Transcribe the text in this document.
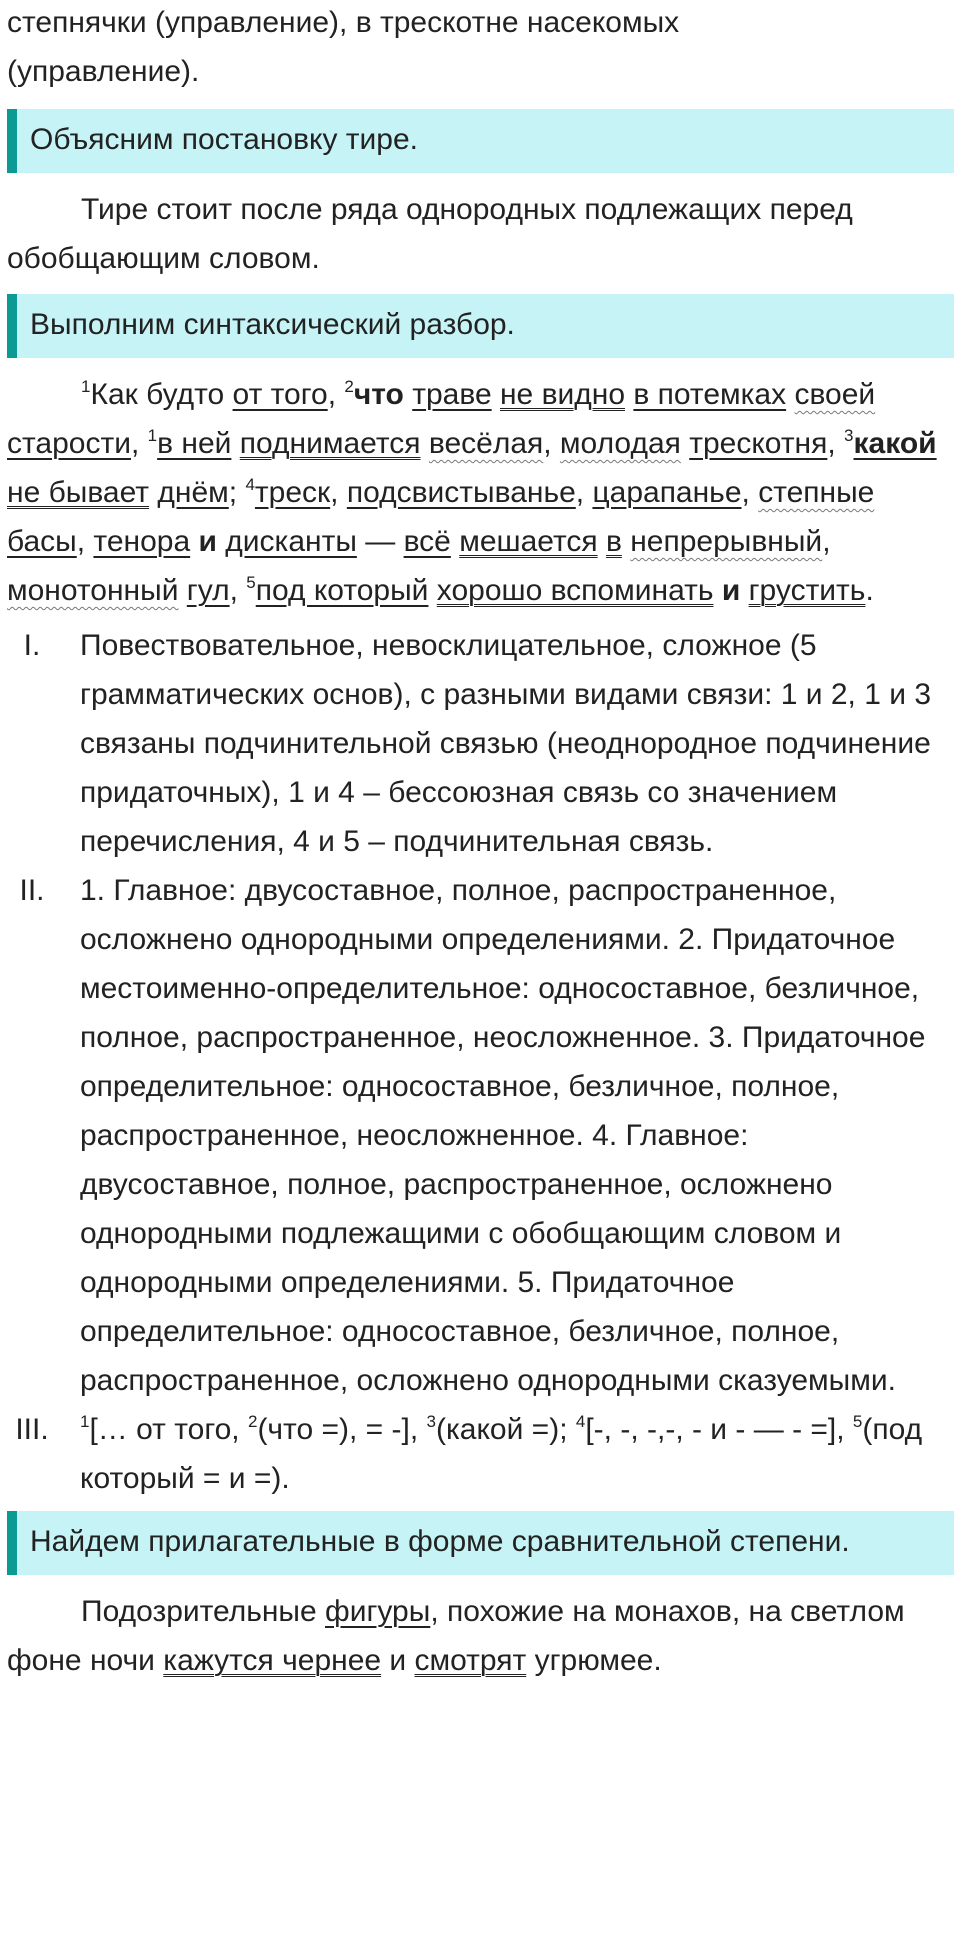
степнячки (управление), в трескотне насекомых
(управление).

Объясним постановку тире.

Тире стоит после ряда однородных подлежащих перед обобщающим словом.

Выполним синтаксический разбор.

$^1$Как будто от того, $^2$что траве не видно в потемках своей старости, $^1$в ней поднимается весёлая, молодая трескотня, $^3$какой не бывает днём; $^4$треск, подсвистыванье, царапанье, степные басы, тенора и дисканты — всё мешается в непрерывный, монотонный гул, $^5$под который хорошо вспоминать и грустить.

I.	Повествовательное, невосклицательное, сложное (5 грамматических основ), с разными видами связи: 1 и 2, 1 и 3 связаны подчинительной связью (неоднородное подчинение придаточных), 1 и 4 – бессоюзная связь со значением перечисления, 4 и 5 – подчинительная связь.
II.	1. Главное: двусоставное, полное, распространенное, осложнено однородными определениями. 2. Придаточное местоименно-определительное: односоставное, безличное, полное, распространенное, неосложненное. 3. Придаточное определительное: односоставное, безличное, полное, распространенное, неосложненное. 4. Главное: двусоставное, полное, распространенное, осложнено однородными подлежащими с обобщающим словом и однородными определениями. 5. Придаточное определительное: односоставное, безличное, полное, распространенное, осложнено однородными сказуемыми.
III.	$^1$[… от того, $^2$(что =), = -], $^3$(какой =); $^4$[-, -, -,-, - и - — - =], $^5$(под который = и =).
Найдем прилагательные в форме сравнительной степени.

Подозрительные фигуры, похожие на монахов, на светлом фоне ночи кажутся чернее и смотрят угрюмее.
